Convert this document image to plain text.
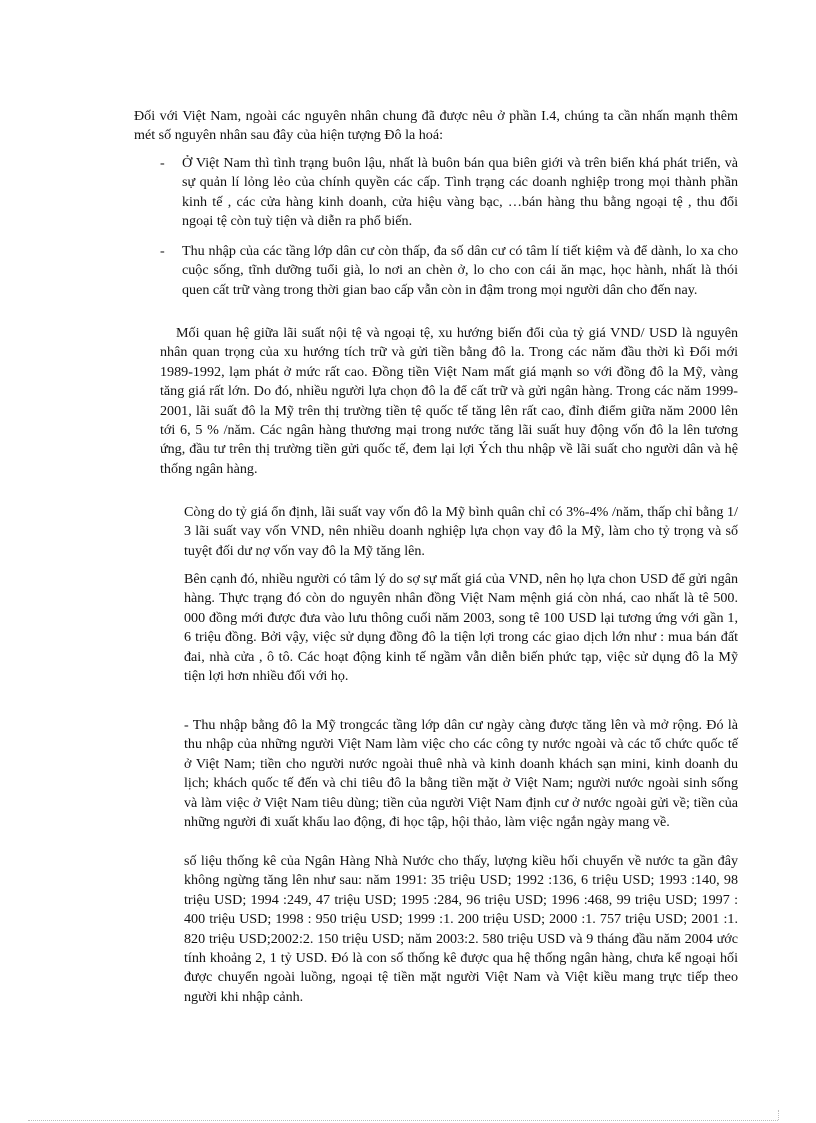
Đối với Việt Nam, ngoài các nguyên nhân chung đã được nêu ở phần I.4, chúng ta cần nhấn mạnh thêm mét số nguyên nhân sau đây của hiện tượng Đô la hoá:

- Ở Việt Nam thì tình trạng buôn lậu, nhất là buôn bán qua biên giới và trên biển khá phát triển, và sự quản lí lỏng lẻo của chính quyền các cấp. Tình trạng các doanh nghiệp trong mọi thành phần kinh tế , các cửa hàng kinh doanh, cửa hiệu vàng bạc, …bán hàng thu bằng ngoại tệ , thu đổi ngoại tệ còn tuỳ tiện và diễn ra phổ biến.

- Thu nhập của các tầng lớp dân cư còn thấp, đa số dân cư có tâm lí tiết kiệm và để dành, lo xa cho cuộc sống, tĩnh dưỡng tuổi già, lo nơi an chèn ở, lo cho con cái ăn mạc, học hành, nhất là thói quen cất trữ vàng trong thời gian bao cấp vẫn còn in đậm trong mọi người dân cho đến nay.

Mối quan hệ giữa lãi suất nội tệ và ngoại tệ, xu hướng biến đổi của tỷ giá VND/ USD là nguyên nhân quan trọng của xu hướng tích trữ và gửi tiền bằng đô la. Trong các năm đầu thời kì Đổi mới 1989-1992, lạm phát ở mức rất cao. Đồng tiền Việt Nam mất giá mạnh so với đồng đô la Mỹ, vàng tăng giá rất lớn. Do đó, nhiều người lựa chọn đô la để cất trữ và gửi ngân hàng. Trong các năm 1999-2001, lãi suất đô la Mỹ trên thị trường tiền tệ quốc tế tăng lên rất cao, đỉnh điểm giữa năm 2000 lên tới 6, 5 % /năm. Các ngân hàng thương mại trong nước tăng lãi suất huy động vốn đô la lên tương ứng, đầu tư trên thị trường tiền gửi quốc tế, đem lại lợi Ých thu nhập về lãi suất cho người dân và hệ thống ngân hàng.

Còng do tỷ giá ổn định, lãi suất vay vốn đô la Mỹ bình quân chỉ có 3%-4% /năm, thấp chỉ bằng 1/ 3 lãi suất vay vốn VND, nên nhiều doanh nghiệp lựa chọn vay đô la Mỹ, làm cho tỷ trọng và số tuyệt đối dư nợ vốn vay đô la Mỹ tăng lên.

Bên cạnh đó, nhiều người có tâm lý do sợ sự mất giá của VND, nên họ lựa chon USD để gửi ngân hàng. Thực trạng đó còn do nguyên nhân đồng Việt Nam mệnh giá còn nhá, cao nhất là tê 500. 000 đồng mới được đưa vào lưu thông cuối năm 2003, song tê 100 USD lại tương ứng với gần 1, 6 triệu đồng. Bởi vậy, việc sử dụng đồng đô la tiện lợi trong các giao dịch lớn như : mua bán đất đai, nhà cửa , ô tô. Các hoạt động kinh tế ngầm vẫn diễn biến phức tạp, việc sử dụng đô la Mỹ tiện lợi hơn nhiều đối với họ.

- Thu nhập bằng đô la Mỹ trongcác tầng lớp dân cư ngày càng được tăng lên và mở rộng. Đó là thu nhập của những người Việt Nam làm việc cho các công ty nước ngoài và các tổ chức quốc tế ở Việt Nam; tiền cho người nước ngoài thuê nhà và kinh doanh khách sạn mini, kinh doanh du lịch; khách quốc tế đến và chi tiêu đô la bằng tiền mặt ở Việt Nam; người nước ngoài sinh sống và làm việc ở Việt Nam tiêu dùng; tiền của người Việt Nam định cư ở nước ngoài gửi về; tiền của những người đi xuất khẩu lao động, đi học tập, hội thảo, làm việc ngắn ngày mang về.

số liệu thống kê của Ngân Hàng Nhà Nước cho thấy, lượng kiều hối chuyển về nước ta gần đây không ngừng tăng lên như sau: năm 1991: 35 triệu USD; 1992 :136, 6 triệu USD; 1993 :140, 98 triệu USD; 1994 :249, 47 triệu USD; 1995 :284, 96 triệu USD; 1996 :468, 99 triệu USD; 1997 : 400 triệu USD; 1998 : 950 triệu USD; 1999 :1. 200 triệu USD; 2000 :1. 757 triệu USD; 2001 :1. 820 triệu USD;2002:2. 150 triệu USD; năm 2003:2. 580 triệu USD và 9 tháng đầu năm 2004 ước tính khoảng 2, 1 tỷ USD. Đó là con số thống kê được qua hệ thống ngân hàng, chưa kể ngoại hối được chuyển ngoài luồng, ngoại tệ tiền mặt người Việt Nam và Việt kiều mang trực tiếp theo người khi nhập cảnh.
